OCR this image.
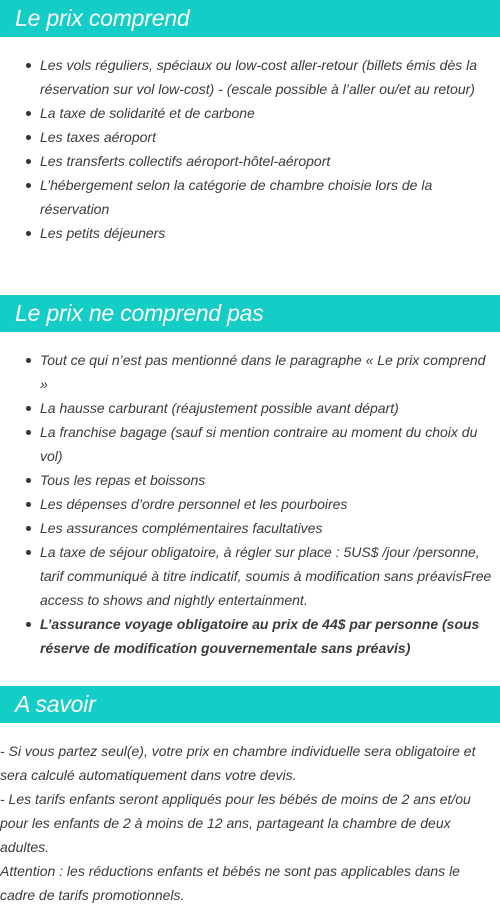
Le prix comprend
Les vols réguliers, spéciaux ou low-cost aller-retour (billets émis dès la réservation sur vol low-cost) - (escale possible à l’aller ou/et au retour)
La taxe de solidarité et de carbone
Les taxes aéroport
Les transferts collectifs aéroport-hôtel-aéroport
L’hébergement selon la catégorie de chambre choisie lors de la réservation
Les petits déjeuners
Le prix ne comprend pas
Tout ce qui n’est pas mentionné dans le paragraphe « Le prix comprend »
La hausse carburant (réajustement possible avant départ)
La franchise bagage (sauf si mention contraire au moment du choix du vol)
Tous les repas et boissons
Les dépenses d’ordre personnel et les pourboires
Les assurances complémentaires facultatives
La taxe de séjour obligatoire, à régler sur place : 5US$ /jour /personne, tarif communiqué à titre indicatif, soumis à modification sans préavisFree access to shows and nightly entertainment.
L’assurance voyage obligatoire au prix de 44$ par personne (sous réserve de modification gouvernementale sans préavis)
A savoir

- Si vous partez seul(e), votre prix en chambre individuelle sera obligatoire et sera calculé automatiquement dans votre devis.

- Les tarifs enfants seront appliqués pour les bébés de moins de 2 ans et/ou pour les enfants de 2 à moins de 12 ans, partageant la chambre de deux adultes.

Attention : les réductions enfants et bébés ne sont pas applicables dans le cadre de tarifs promotionnels.
